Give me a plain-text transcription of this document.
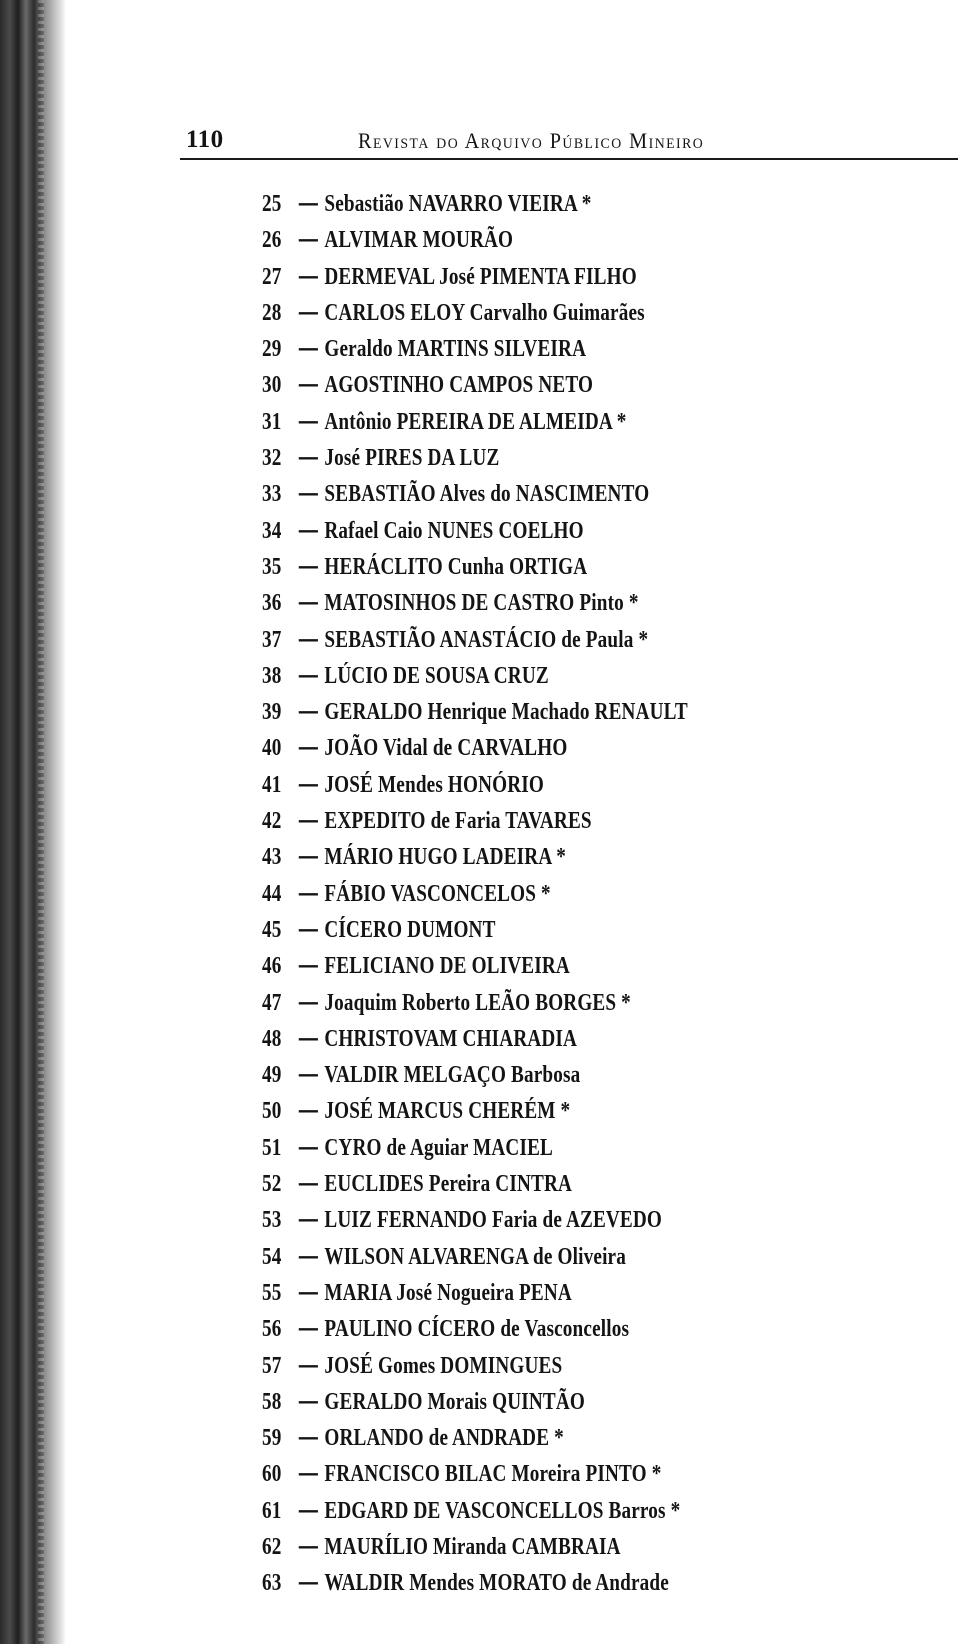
110	Revista do Arquivo Público Mineiro
25 — Sebastião NAVARRO VIEIRA *
26 — ALVIMAR MOURÃO
27 — DERMEVAL José PIMENTA FILHO
28 — CARLOS ELOY Carvalho Guimarães
29 — Geraldo MARTINS SILVEIRA
30 — AGOSTINHO CAMPOS NETO
31 — Antônio PEREIRA DE ALMEIDA *
32 — José PIRES DA LUZ
33 — SEBASTIÃO Alves do NASCIMENTO
34 — Rafael Caio NUNES COELHO
35 — HERÁCLITO Cunha ORTIGA
36 — MATOSINHOS DE CASTRO Pinto *
37 — SEBASTIÃO ANASTÁCIO de Paula *
38 — LÚCIO DE SOUSA CRUZ
39 — GERALDO Henrique Machado RENAULT
40 — JOÃO Vidal de CARVALHO
41 — JOSÉ Mendes HONÓRIO
42 — EXPEDITO de Faria TAVARES
43 — MÁRIO HUGO LADEIRA *
44 — FÁBIO VASCONCELOS *
45 — CÍCERO DUMONT
46 — FELICIANO DE OLIVEIRA
47 — Joaquim Roberto LEÃO BORGES *
48 — CHRISTOVAM CHIARADIA
49 — VALDIR MELGAÇO Barbosa
50 — JOSÉ MARCUS CHERÉM *
51 — CYRO de Aguiar MACIEL
52 — EUCLIDES Pereira CINTRA
53 — LUIZ FERNANDO Faria de AZEVEDO
54 — WILSON ALVARENGA de Oliveira
55 — MARIA José Nogueira PENA
56 — PAULINO CÍCERO de Vasconcellos
57 — JOSÉ Gomes DOMINGUES
58 — GERALDO Morais QUINTÃO
59 — ORLANDO de ANDRADE *
60 — FRANCISCO BILAC Moreira PINTO *
61 — EDGARD DE VASCONCELLOS Barros *
62 — MAURÍLIO Miranda CAMBRAIA
63 — WALDIR Mendes MORATO de Andrade
